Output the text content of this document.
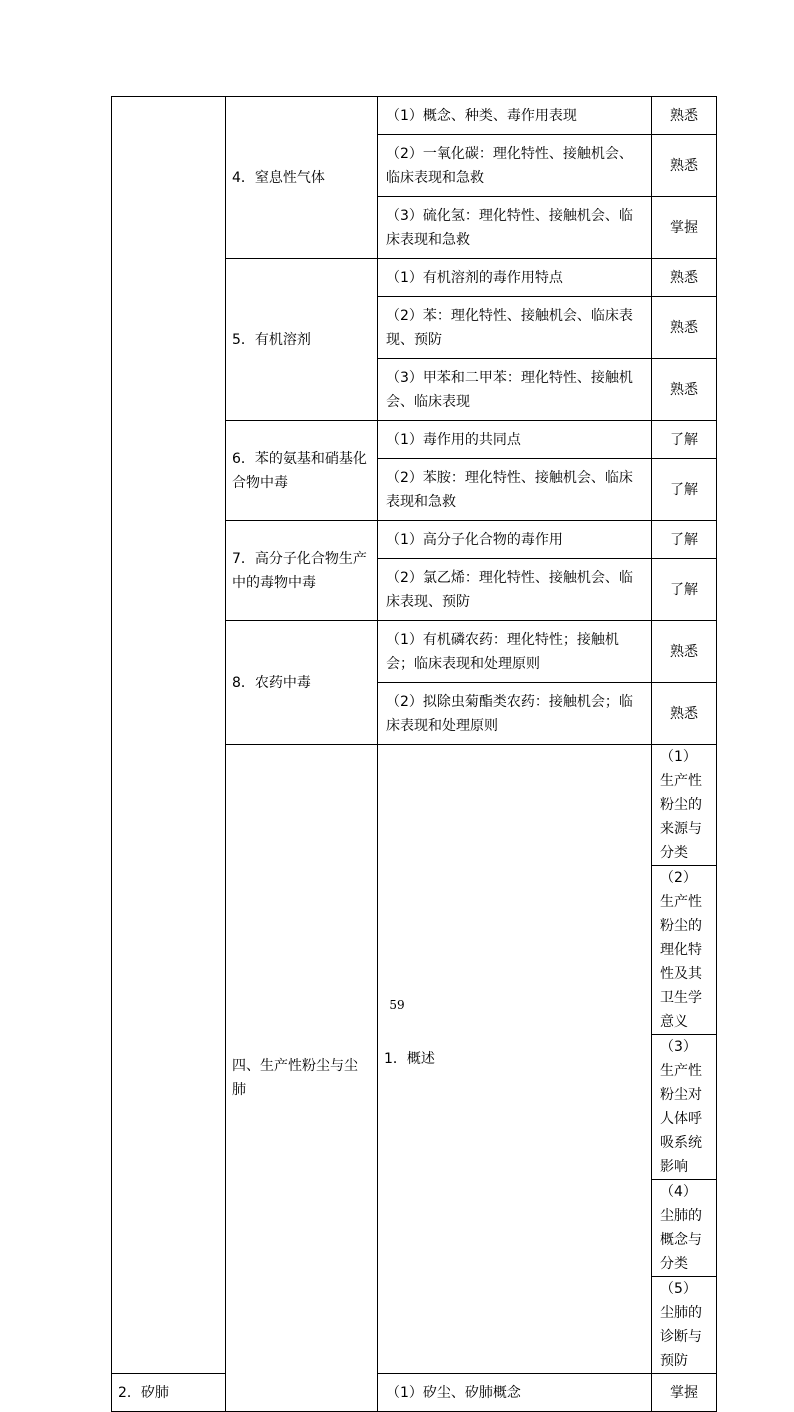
	4．窒息性气体	（1）概念、种类、毒作用表现	熟悉	
		（2）一氧化碳：理化特性、接触机会、临床表现和急救	熟悉	
		（3）硫化氢：理化特性、接触机会、临床表现和急救	掌握	
	5．有机溶剂	（1）有机溶剂的毒作用特点	熟悉	
		（2）苯：理化特性、接触机会、临床表现、预防	熟悉	
		（3）甲苯和二甲苯：理化特性、接触机会、临床表现	熟悉	
	6．苯的氨基和硝基化合物中毒	（1）毒作用的共同点	了解	
		（2）苯胺：理化特性、接触机会、临床表现和急救	了解	
	7．高分子化合物生产中的毒物中毒	（1）高分子化合物的毒作用	了解	
		（2）氯乙烯：理化特性、接触机会、临床表现、预防	了解	
	8．农药中毒	（1）有机磷农药：理化特性；接触机会；临床表现和处理原则	熟悉	
		（2）拟除虫菊酯类农药：接触机会；临床表现和处理原则	熟悉	
	四、生产性粉尘与尘肺	1．概述	（1）生产性粉尘的来源与分类	
			（2）生产性粉尘的理化特性及其卫生学意义	
			（3）生产性粉尘对人体呼吸系统影响	
			（4）尘肺的概念与分类	
			（5）尘肺的诊断与预防	
2．矽肺		（1）矽尘、矽肺概念	掌握	
59
